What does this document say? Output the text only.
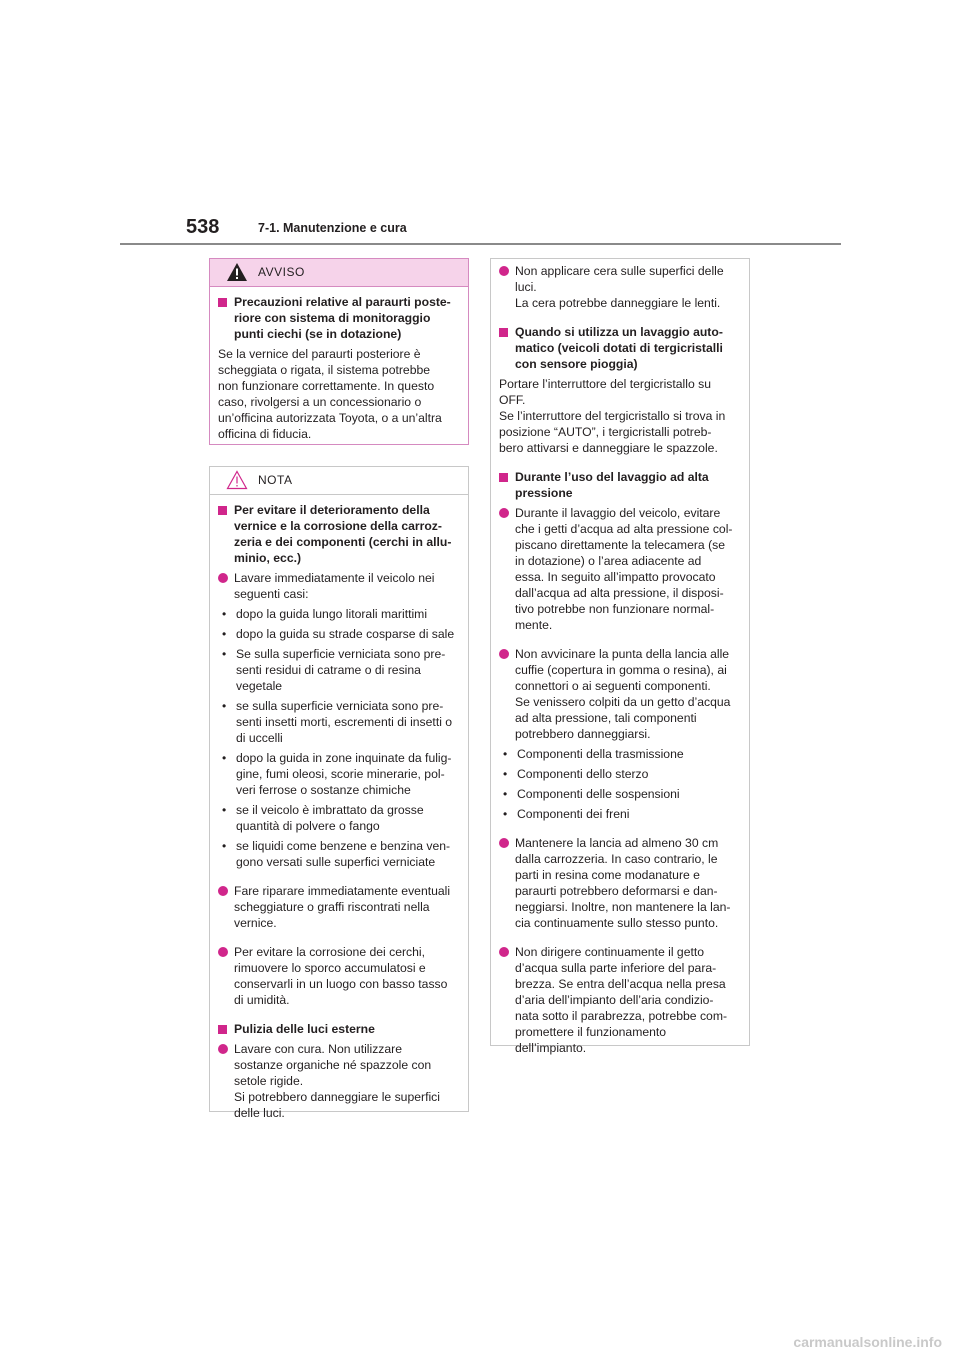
538	7-1. Manutenzione e cura
AVVISO
Precauzioni relative al paraurti poste-
riore con sistema di monitoraggio
punti ciechi (se in dotazione)
Se la vernice del paraurti posteriore è
scheggiata o rigata, il sistema potrebbe
non funzionare correttamente. In questo
caso, rivolgersi a un concessionario o
un’officina autorizzata Toyota, o a un’altra
officina di fiducia.
NOTA
Per evitare il deterioramento della
vernice e la corrosione della carroz-
zeria e dei componenti (cerchi in allu-
minio, ecc.)
Lavare immediatamente il veicolo nei
seguenti casi:
•
dopo la guida lungo litorali marittimi
•
dopo la guida su strade cosparse di sale
•
Se sulla superficie verniciata sono pre-
senti residui di catrame o di resina
vegetale
•
se sulla superficie verniciata sono pre-
senti insetti morti, escrementi di insetti o
di uccelli
•
dopo la guida in zone inquinate da fulig-
gine, fumi oleosi, scorie minerarie, pol-
veri ferrose o sostanze chimiche
•
se il veicolo è imbrattato da grosse
quantità di polvere o fango
•
se liquidi come benzene e benzina ven-
gono versati sulle superfici verniciate
Fare riparare immediatamente eventuali
scheggiature o graffi riscontrati nella
vernice.
Per evitare la corrosione dei cerchi,
rimuovere lo sporco accumulatosi e
conservarli in un luogo con basso tasso
di umidità.
Pulizia delle luci esterne
Lavare con cura. Non utilizzare
sostanze organiche né spazzole con
setole rigide.
Si potrebbero danneggiare le superfici
delle luci.
Non applicare cera sulle superfici delle
luci.
La cera potrebbe danneggiare le lenti.
Quando si utilizza un lavaggio auto-
matico (veicoli dotati di tergicristalli
con sensore pioggia)
Portare l’interruttore del tergicristallo su
OFF.
Se l’interruttore del tergicristallo si trova in
posizione “AUTO”, i tergicristalli potreb-
bero attivarsi e danneggiare le spazzole.
Durante l’uso del lavaggio ad alta
pressione
Durante il lavaggio del veicolo, evitare
che i getti d’acqua ad alta pressione col-
piscano direttamente la telecamera (se
in dotazione) o l’area adiacente ad
essa. In seguito all’impatto provocato
dall’acqua ad alta pressione, il disposi-
tivo potrebbe non funzionare normal-
mente.
Non avvicinare la punta della lancia alle
cuffie (copertura in gomma o resina), ai
connettori o ai seguenti componenti.
Se venissero colpiti da un getto d’acqua
ad alta pressione, tali componenti
potrebbero danneggiarsi.
•
Componenti della trasmissione
•
Componenti dello sterzo
•
Componenti delle sospensioni
•
Componenti dei freni
Mantenere la lancia ad almeno 30 cm
dalla carrozzeria. In caso contrario, le
parti in resina come modanature e
paraurti potrebbero deformarsi e dan-
neggiarsi. Inoltre, non mantenere la lan-
cia continuamente sullo stesso punto.
Non dirigere continuamente il getto
d’acqua sulla parte inferiore del para-
brezza. Se entra dell’acqua nella presa
d’aria dell’impianto dell’aria condizio-
nata sotto il parabrezza, potrebbe com-
promettere il funzionamento
dell’impianto.
carmanualsonline.info
